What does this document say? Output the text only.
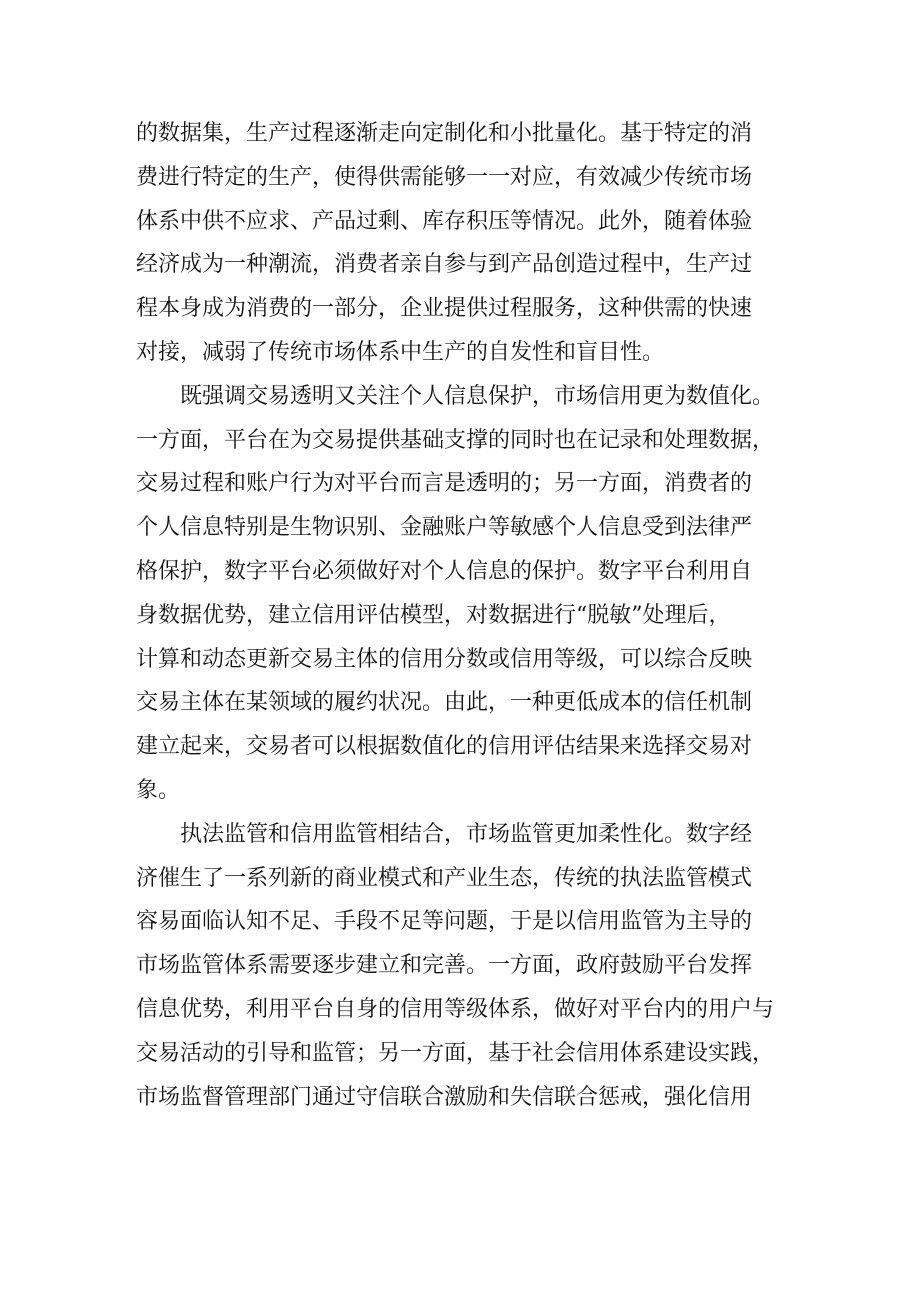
的数据集，生产过程逐渐走向定制化和小批量化。基于特定的消
费进行特定的生产，使得供需能够一一对应，有效减少传统市场
体系中供不应求、产品过剩、库存积压等情况。此外，随着体验
经济成为一种潮流，消费者亲自参与到产品创造过程中，生产过
程本身成为消费的一部分，企业提供过程服务，这种供需的快速
对接，减弱了传统市场体系中生产的自发性和盲目性。
既强调交易透明又关注个人信息保护，市场信用更为数值化。
一方面，平台在为交易提供基础支撑的同时也在记录和处理数据，
交易过程和账户行为对平台而言是透明的；另一方面，消费者的
个人信息特别是生物识别、金融账户等敏感个人信息受到法律严
格保护，数字平台必须做好对个人信息的保护。数字平台利用自
身数据优势，建立信用评估模型，对数据进行“脱敏”处理后，
计算和动态更新交易主体的信用分数或信用等级，可以综合反映
交易主体在某领域的履约状况。由此，一种更低成本的信任机制
建立起来，交易者可以根据数值化的信用评估结果来选择交易对
象。
执法监管和信用监管相结合，市场监管更加柔性化。数字经
济催生了一系列新的商业模式和产业生态，传统的执法监管模式
容易面临认知不足、手段不足等问题，于是以信用监管为主导的
市场监管体系需要逐步建立和完善。一方面，政府鼓励平台发挥
信息优势，利用平台自身的信用等级体系，做好对平台内的用户与
交易活动的引导和监管；另一方面，基于社会信用体系建设实践，
市场监督管理部门通过守信联合激励和失信联合惩戒，强化信用
